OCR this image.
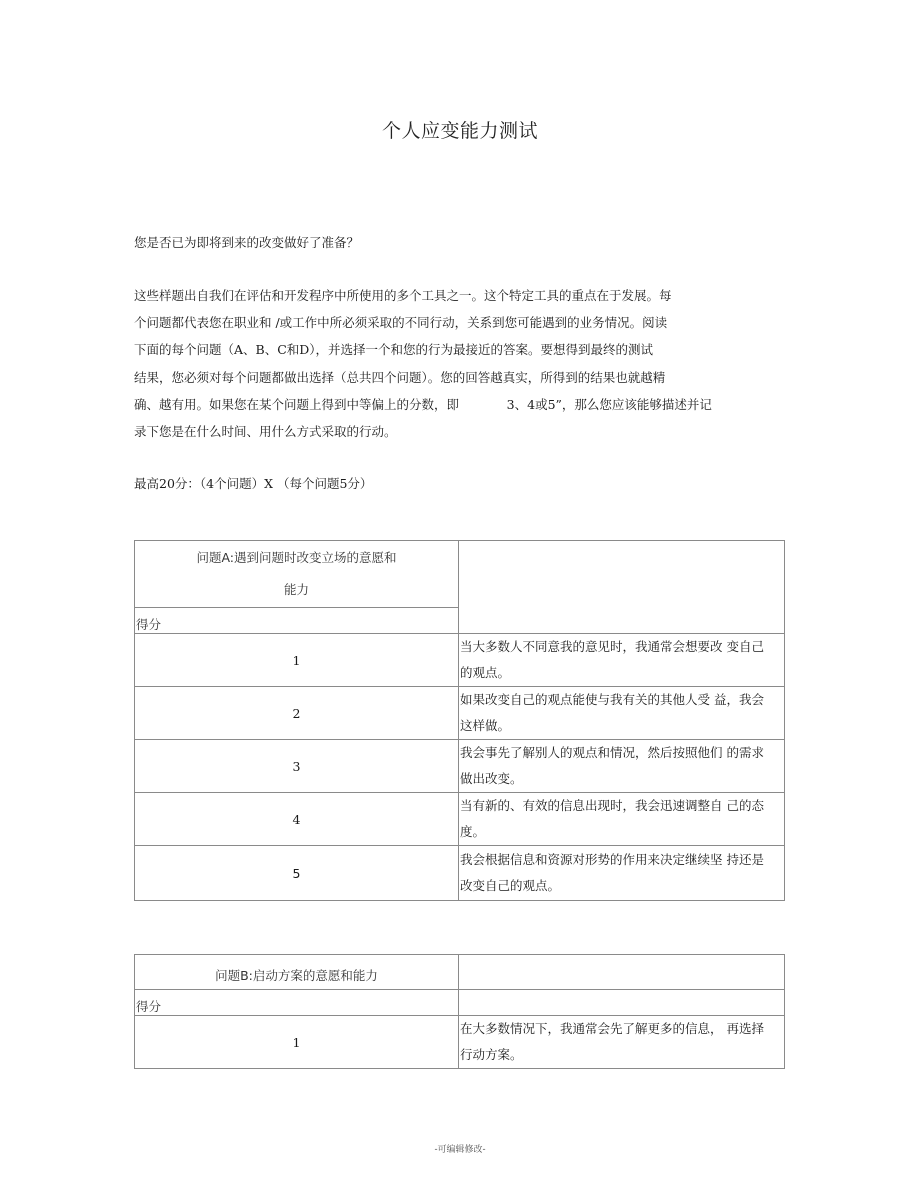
个人应变能力测试
您是否已为即将到来的改变做好了准备？
这些样题出自我们在评估和开发程序中所使用的多个工具之一。这个特定工具的重点在于发展。每
个问题都代表您在职业和 /或工作中所必须采取的不同行动，关系到您可能遇到的业务情况。阅读
下面的每个问题（A、B、C和D），并选择一个和您的行为最接近的答案。要想得到最终的测试
结果，您必须对每个问题都做出选择（总共四个问题）。您的回答越真实，所得到的结果也就越精
确、越有用。如果您在某个问题上得到中等偏上的分数，即            3、4或5”，那么您应该能够描述并记
录下您是在什么时间、用什么方式采取的行动。
最高20分：（4个问题）X （每个问题5分）
问题A:遇到问题时改变立场的意愿和
能力	

得分	
1	当大多数人不同意我的意见时，我通常会想要改 变自己
的观点。

2	如果改变自己的观点能使与我有关的其他人受 益，我会
这样做。

3	我会事先了解别人的观点和情况，然后按照他们 的需求
做出改变。

4	当有新的、有效的信息出现时，我会迅速调整自 己的态
度。

5	我会根据信息和资源对形势的作用来决定继续坚 持还是
改变自己的观点。
问题B:启动方案的意愿和能力	
得分	
1	在大多数情况下，我通常会先了解更多的信息， 再选择
行动方案。
-可编辑修改-
